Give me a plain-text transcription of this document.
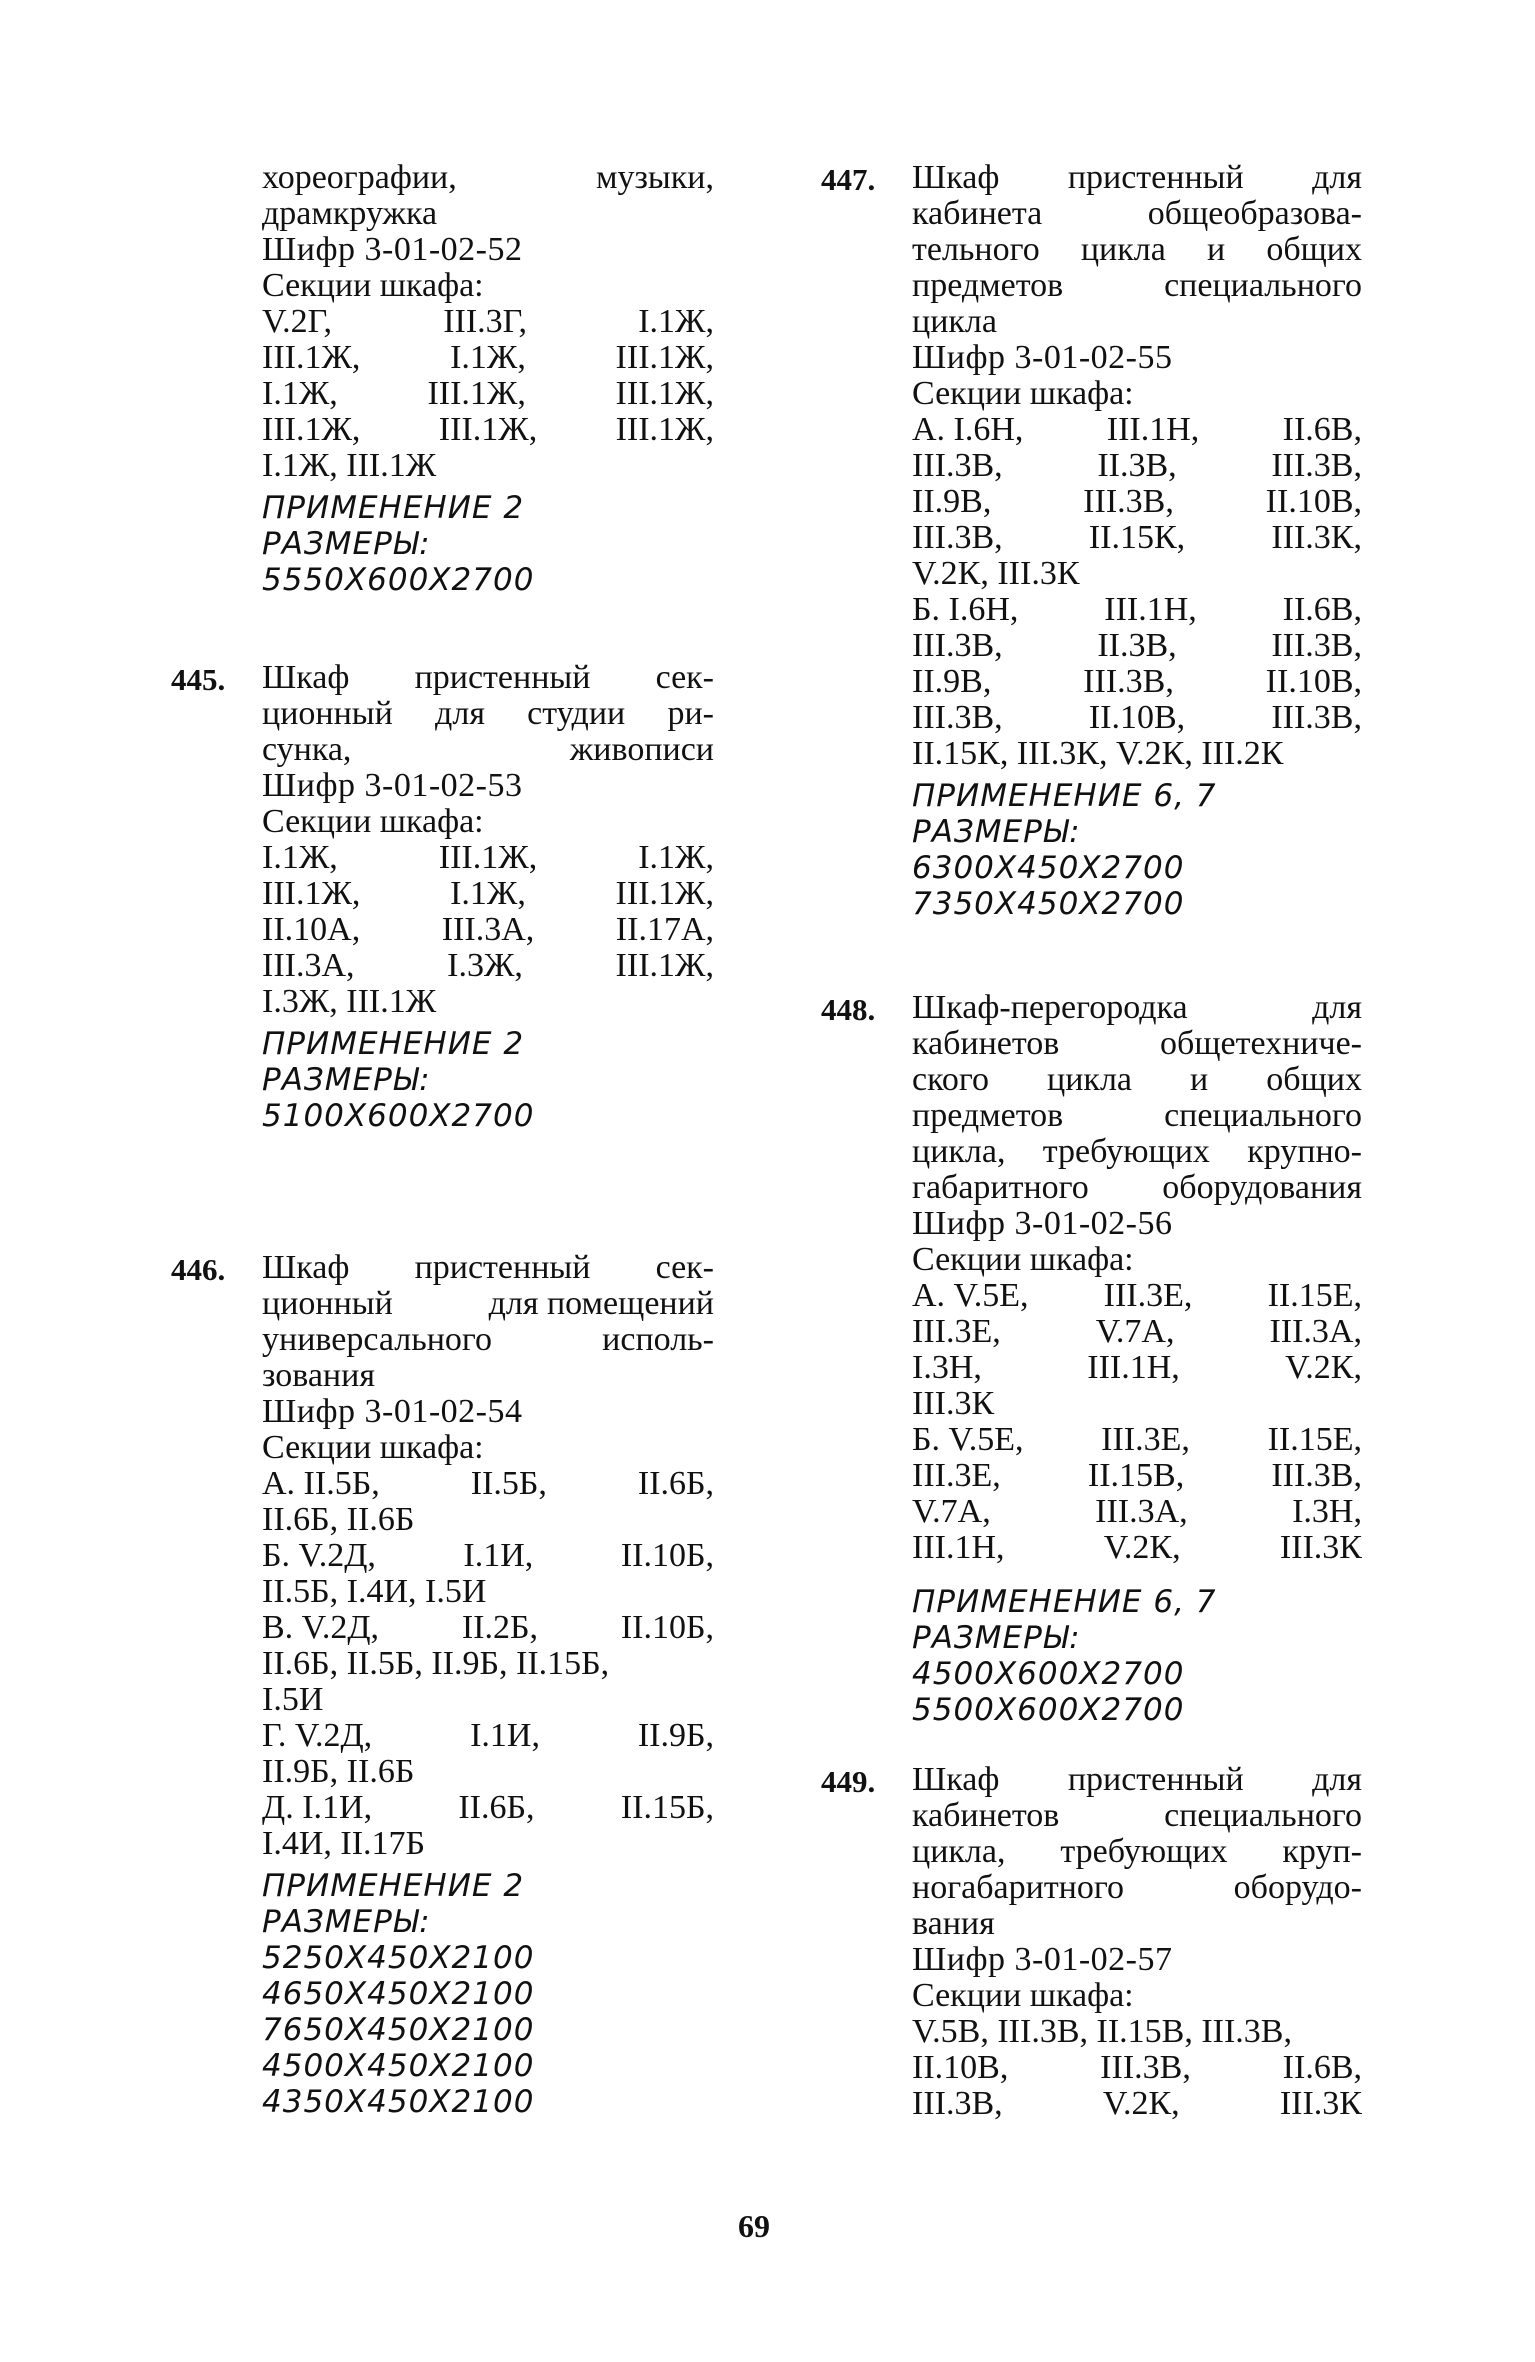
хореографии,	музыки,
драмкружка
Шифр 3-01-02-52
Секции шкафа:
V.2Г,	III.3Г,	I.1Ж,
III.1Ж,	I.1Ж,	III.1Ж,
I.1Ж,	III.1Ж,	III.1Ж,
III.1Ж, III.1Ж, III.1Ж,
I.1Ж, III.1Ж
ПРИМЕНЕНИЕ 2
РАЗМЕРЫ:
5550Х600Х2700
445. Шкаф пристенный сек-
ционный для студии ри-
сунка,	живописи
Шифр 3-01-02-53
Секции шкафа:
I.1Ж,	III.1Ж,	I.1Ж,
III.1Ж,	I.1Ж,	III.1Ж,
II.10А, III.3А, II.17А,
III.3А,	I.3Ж,	III.1Ж,
I.3Ж, III.1Ж
ПРИМЕНЕНИЕ 2
РАЗМЕРЫ:
5100Х600Х2700
446. Шкаф пристенный сек-
ционный	для помещений
универсального	исполь-
зования
Шифр 3-01-02-54
Секции шкафа:
А. II.5Б,	II.5Б,	II.6Б,
II.6Б, II.6Б
Б. V.2Д,	I.1И,	II.10Б,
II.5Б, I.4И, I.5И
В. V.2Д, II.2Б, II.10Б,
II.6Б, II.5Б, II.9Б, II.15Б,
I.5И
Г. V.2Д,	I.1И,	II.9Б,
II.9Б, II.6Б
Д. I.1И,	II.6Б,	II.15Б,
I.4И, II.17Б
ПРИМЕНЕНИЕ 2
РАЗМЕРЫ:
5250Х450Х2100
4650Х450Х2100
7650Х450Х2100
4500Х450Х2100
4350Х450Х2100
447. Шкаф пристенный для
кабинета	общеобразова-
тельного цикла и общих
предметов	специального
цикла
Шифр 3-01-02-55
Секции шкафа:
А. I.6Н, III.1Н, II.6В,
III.3В,	II.3В,	III.3В,
II.9В,	III.3В,	II.10В,
III.3В,	II.15К,	III.3К,
V.2К, III.3К
Б. I.6Н,	III.1Н,	II.6В,
III.3В,	II.3В,	III.3В,
II.9В,	III.3В,	II.10В,
III.3В,	II.10В,	III.3В,
II.15К, III.3К, V.2К, III.2К
ПРИМЕНЕНИЕ 6, 7
РАЗМЕРЫ:
6300Х450Х2700
7350Х450Х2700
448. Шкаф-перегородка	для
кабинетов	общетехниче-
ского цикла и общих
предметов	специального
цикла, требующих крупно-
габаритного оборудования
Шифр 3-01-02-56
Секции шкафа:
А. V.5Е, III.3Е, II.15Е,
III.3Е,	V.7А,	III.3А,
I.3Н,	III.1Н,	V.2К,
III.3К
Б. V.5Е, III.3Е, II.15Е,
III.3Е,	II.15В,	III.3В,
V.7А,	III.3А,	I.3Н,
III.1Н,	V.2К,	III.3К
ПРИМЕНЕНИЕ 6, 7
РАЗМЕРЫ:
4500Х600Х2700
5500Х600Х2700
449. Шкаф пристенный для
кабинетов	специального
цикла, требующих круп-
ногабаритного	оборудо-
вания
Шифр 3-01-02-57
Секции шкафа:
V.5В, III.3В, II.15В, III.3В,
II.10В,	III.3В,	II.6В,
III.3В,	V.2К,	III.3К
69
